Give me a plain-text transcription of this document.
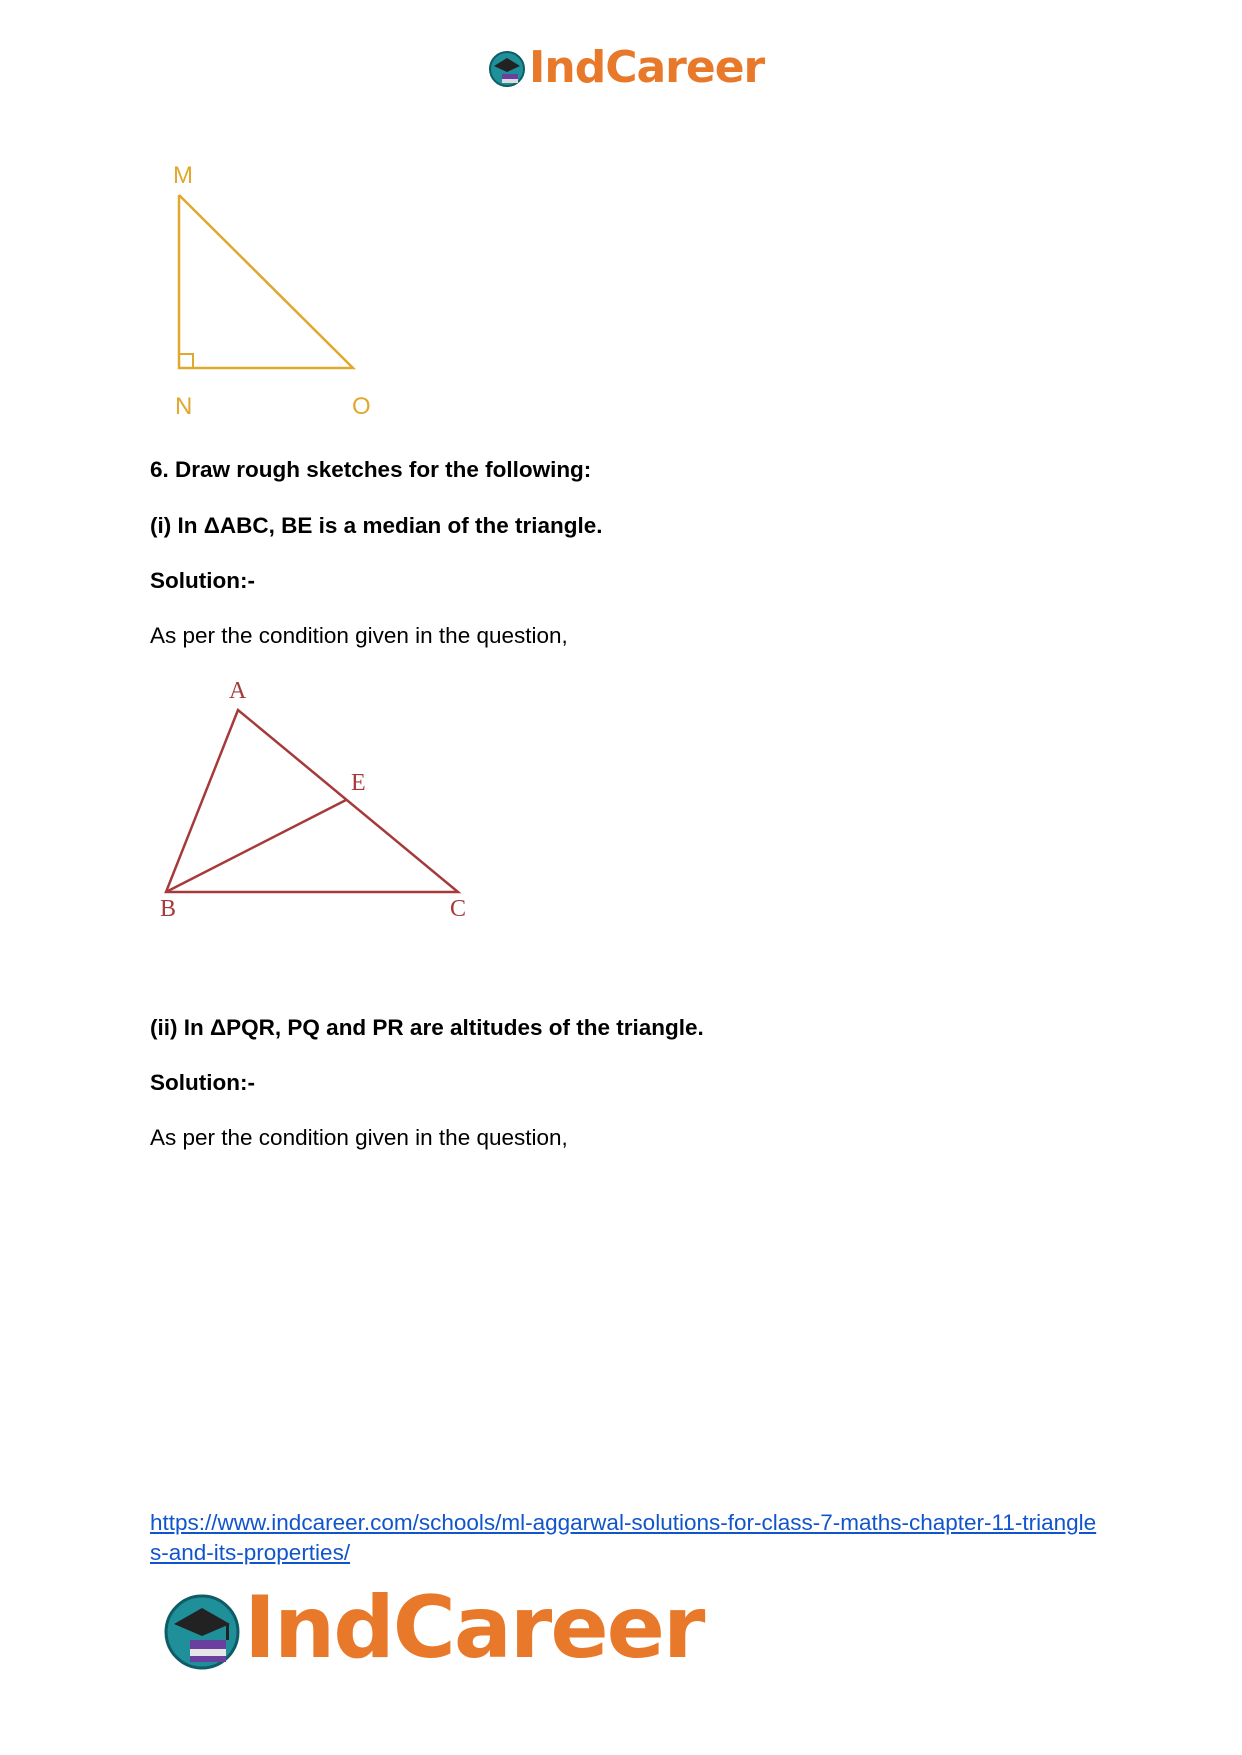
IndCareer
M
N	O
6. Draw rough sketches for the following:
(i) In ΔABC, BE is a median of the triangle.
Solution:-
As per the condition given in the question,
A
E
B	C
(ii) In ΔPQR, PQ and PR are altitudes of the triangle.
Solution:-
As per the condition given in the question,
https://www.indcareer.com/schools/ml-aggarwal-solutions-for-class-7-maths-chapter-11-triangles-and-its-properties/
IndCareer
